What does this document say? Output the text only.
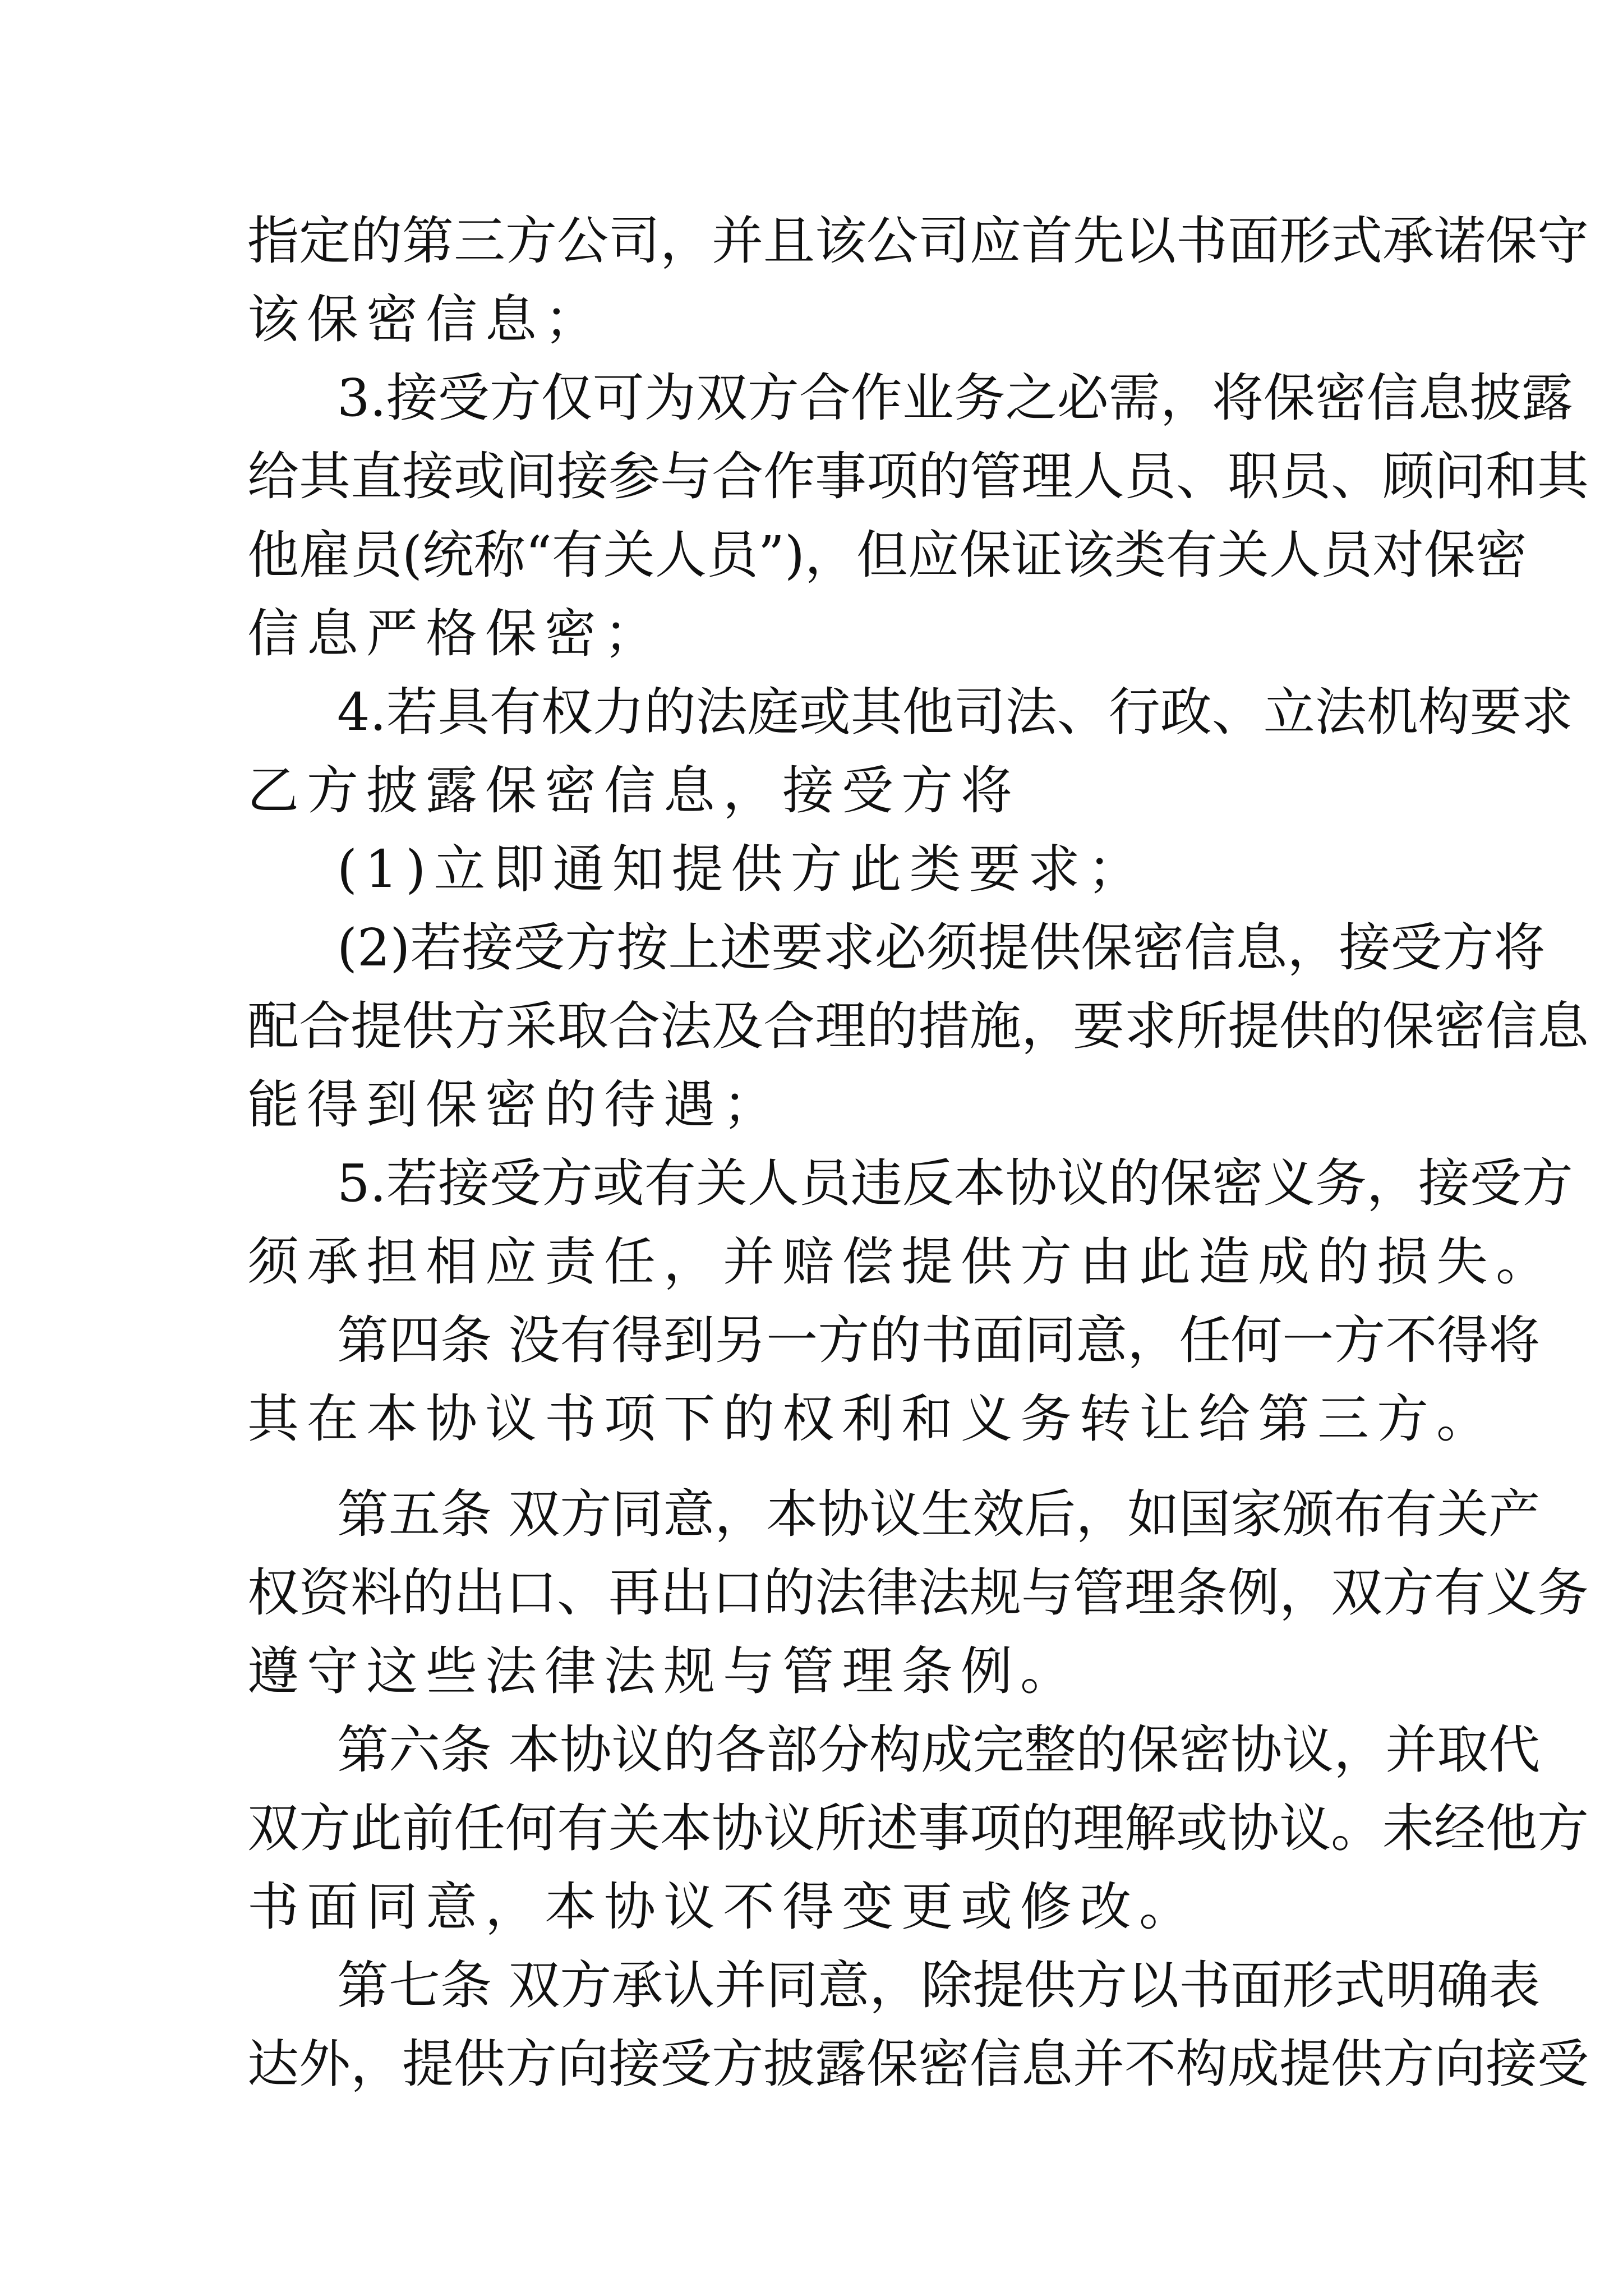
指定的第三方公司，并且该公司应首先以书面形式承诺保守
该保密信息；
3.接受方仅可为双方合作业务之必需，将保密信息披露
给其直接或间接参与合作事项的管理人员、职员、顾问和其
他雇员(统称“有关人员”)，但应保证该类有关人员对保密
信息严格保密；
4.若具有权力的法庭或其他司法、行政、立法机构要求
乙方披露保密信息，接受方将
(1)立即通知提供方此类要求；
(2)若接受方按上述要求必须提供保密信息，接受方将
配合提供方采取合法及合理的措施，要求所提供的保密信息
能得到保密的待遇；
5.若接受方或有关人员违反本协议的保密义务，接受方
须承担相应责任，并赔偿提供方由此造成的损失。
第四条 没有得到另一方的书面同意，任何一方不得将
其在本协议书项下的权利和义务转让给第三方。
第五条 双方同意，本协议生效后，如国家颁布有关产
权资料的出口、再出口的法律法规与管理条例，双方有义务
遵守这些法律法规与管理条例。
第六条 本协议的各部分构成完整的保密协议，并取代
双方此前任何有关本协议所述事项的理解或协议。未经他方
书面同意，本协议不得变更或修改。
第七条 双方承认并同意，除提供方以书面形式明确表
达外，提供方向接受方披露保密信息并不构成提供方向接受
